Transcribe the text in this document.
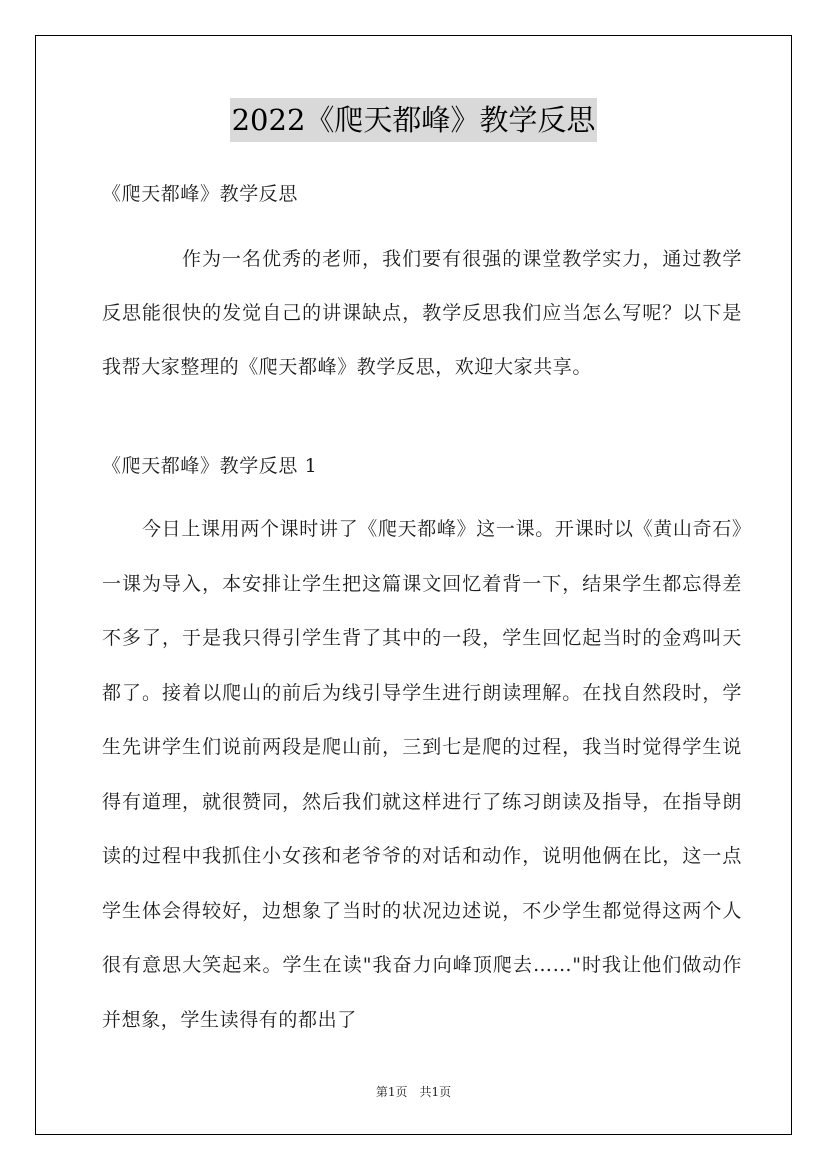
2022《爬天都峰》教学反思
《爬天都峰》教学反思
作为一名优秀的老师，我们要有很强的课堂教学实力，通过教学反思能很快的发觉自己的讲课缺点，教学反思我们应当怎么写呢？以下是我帮大家整理的《爬天都峰》教学反思，欢迎大家共享。
《爬天都峰》教学反思 1
今日上课用两个课时讲了《爬天都峰》这一课。开课时以《黄山奇石》一课为导入，本安排让学生把这篇课文回忆着背一下，结果学生都忘得差不多了，于是我只得引学生背了其中的一段，学生回忆起当时的金鸡叫天都了。接着以爬山的前后为线引导学生进行朗读理解。在找自然段时，学生先讲学生们说前两段是爬山前，三到七是爬的过程，我当时觉得学生说得有道理，就很赞同，然后我们就这样进行了练习朗读及指导，在指导朗读的过程中我抓住小女孩和老爷爷的对话和动作，说明他俩在比，这一点学生体会得较好，边想象了当时的状况边述说，不少学生都觉得这两个人很有意思大笑起来。学生在读"我奋力向峰顶爬去……"时我让他们做动作并想象，学生读得有的都出了
第1页 共1页
